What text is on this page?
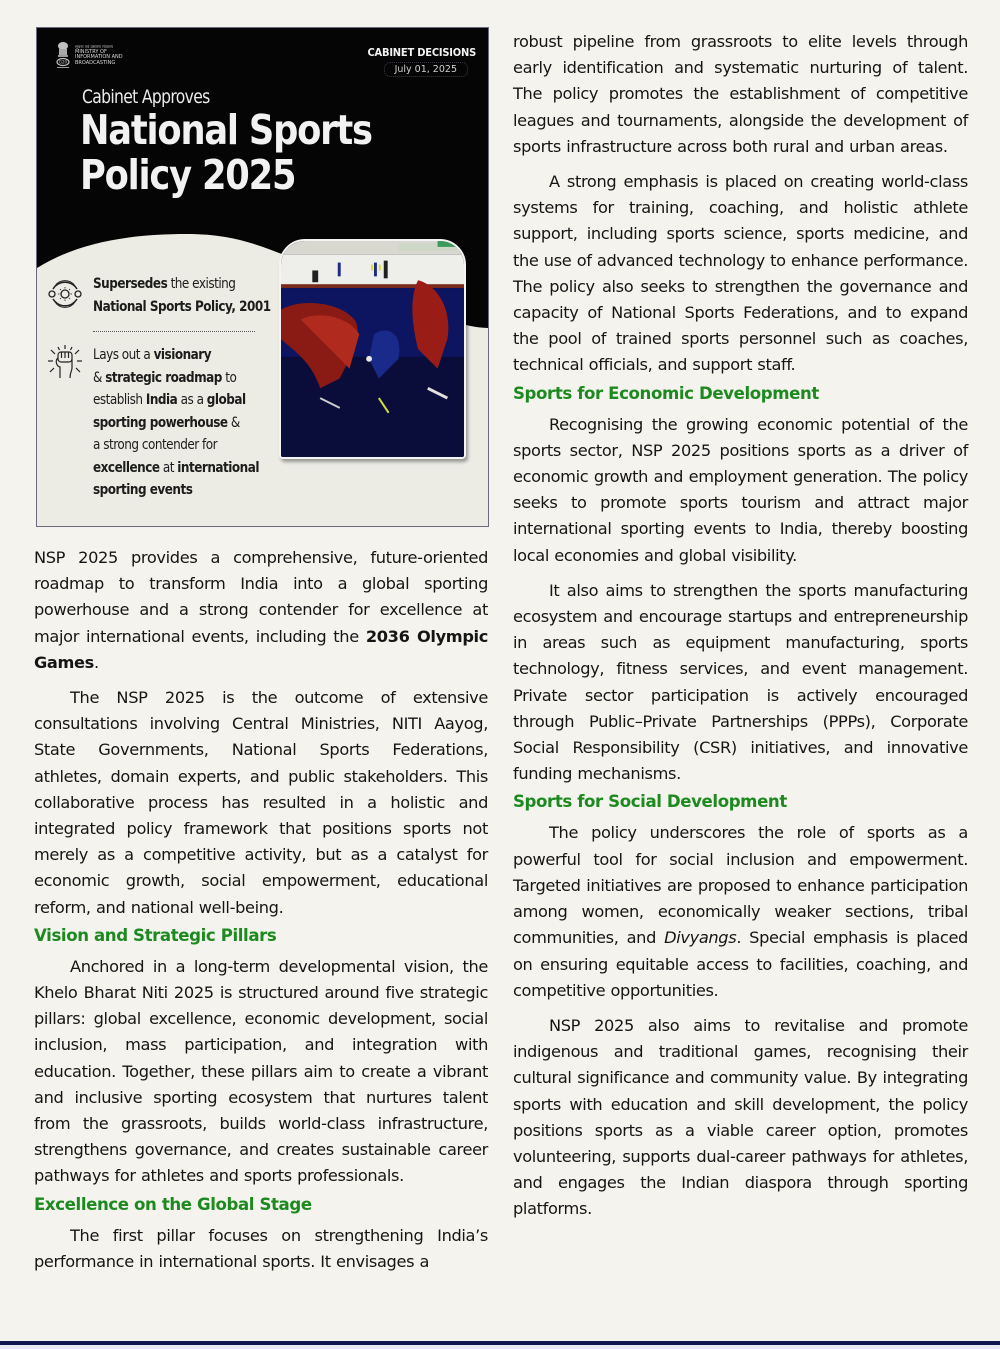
G20
सूचना एवं प्रसारण मंत्रालय
MINISTRY OF
INFORMATION AND
BROADCASTING
CABINET DECISIONS
July 01, 2025
Cabinet Approves
National Sports
Policy 2025
Supersedes the existing
National Sports Policy, 2001
Lays out a visionary
& strategic roadmap to
establish India as a global
sporting powerhouse &
a strong contender for
excellence at international
sporting events

NSP 2025 provides a comprehensive, future-oriented roadmap to transform India into a global sporting powerhouse and a strong contender for excellence at major international events, including the 2036 Olympic Games.

The NSP 2025 is the outcome of extensive consultations involving Central Ministries, NITI Aayog, State Governments, National Sports Federations, athletes, domain experts, and public stakeholders. This collaborative process has resulted in a holistic and integrated policy framework that positions sports not merely as a competitive activity, but as a catalyst for economic growth, social empowerment, educational reform, and national well-being.

Vision and Strategic Pillars

Anchored in a long-term developmental vision, the Khelo Bharat Niti 2025 is structured around five strategic pillars: global excellence, economic development, social inclusion, mass participation, and integration with education. Together, these pillars aim to create a vibrant and inclusive sporting ecosystem that nurtures talent from the grassroots, builds world-class infrastructure, strengthens governance, and creates sustainable career pathways for athletes and sports professionals.

Excellence on the Global Stage

The first pillar focuses on strengthening India’s performance in international sports. It envisages a

robust pipeline from grassroots to elite levels through early identification and systematic nurturing of talent. The policy promotes the establishment of competitive leagues and tournaments, alongside the development of sports infrastructure across both rural and urban areas.

A strong emphasis is placed on creating world-class systems for training, coaching, and holistic athlete support, including sports science, sports medicine, and the use of advanced technology to enhance performance. The policy also seeks to strengthen the governance and capacity of National Sports Federations, and to expand the pool of trained sports personnel such as coaches, technical officials, and support staff.

Sports for Economic Development

Recognising the growing economic potential of the sports sector, NSP 2025 positions sports as a driver of economic growth and employment generation. The policy seeks to promote sports tourism and attract major international sporting events to India, thereby boosting local economies and global visibility.

It also aims to strengthen the sports manufacturing ecosystem and encourage startups and entrepreneurship in areas such as equipment manufacturing, sports technology, fitness services, and event management. Private sector participation is actively encouraged through Public–Private Partnerships (PPPs), Corporate Social Responsibility (CSR) initiatives, and innovative funding mechanisms.

Sports for Social Development

The policy underscores the role of sports as a powerful tool for social inclusion and empowerment. Targeted initiatives are proposed to enhance participation among women, economically weaker sections, tribal communities, and Divyangs. Special emphasis is placed on ensuring equitable access to facilities, coaching, and competitive opportunities.

NSP 2025 also aims to revitalise and promote indigenous and traditional games, recognising their cultural significance and community value. By integrating sports with education and skill development, the policy positions sports as a viable career option, promotes volunteering, supports dual-career pathways for athletes, and engages the Indian diaspora through sporting platforms.
